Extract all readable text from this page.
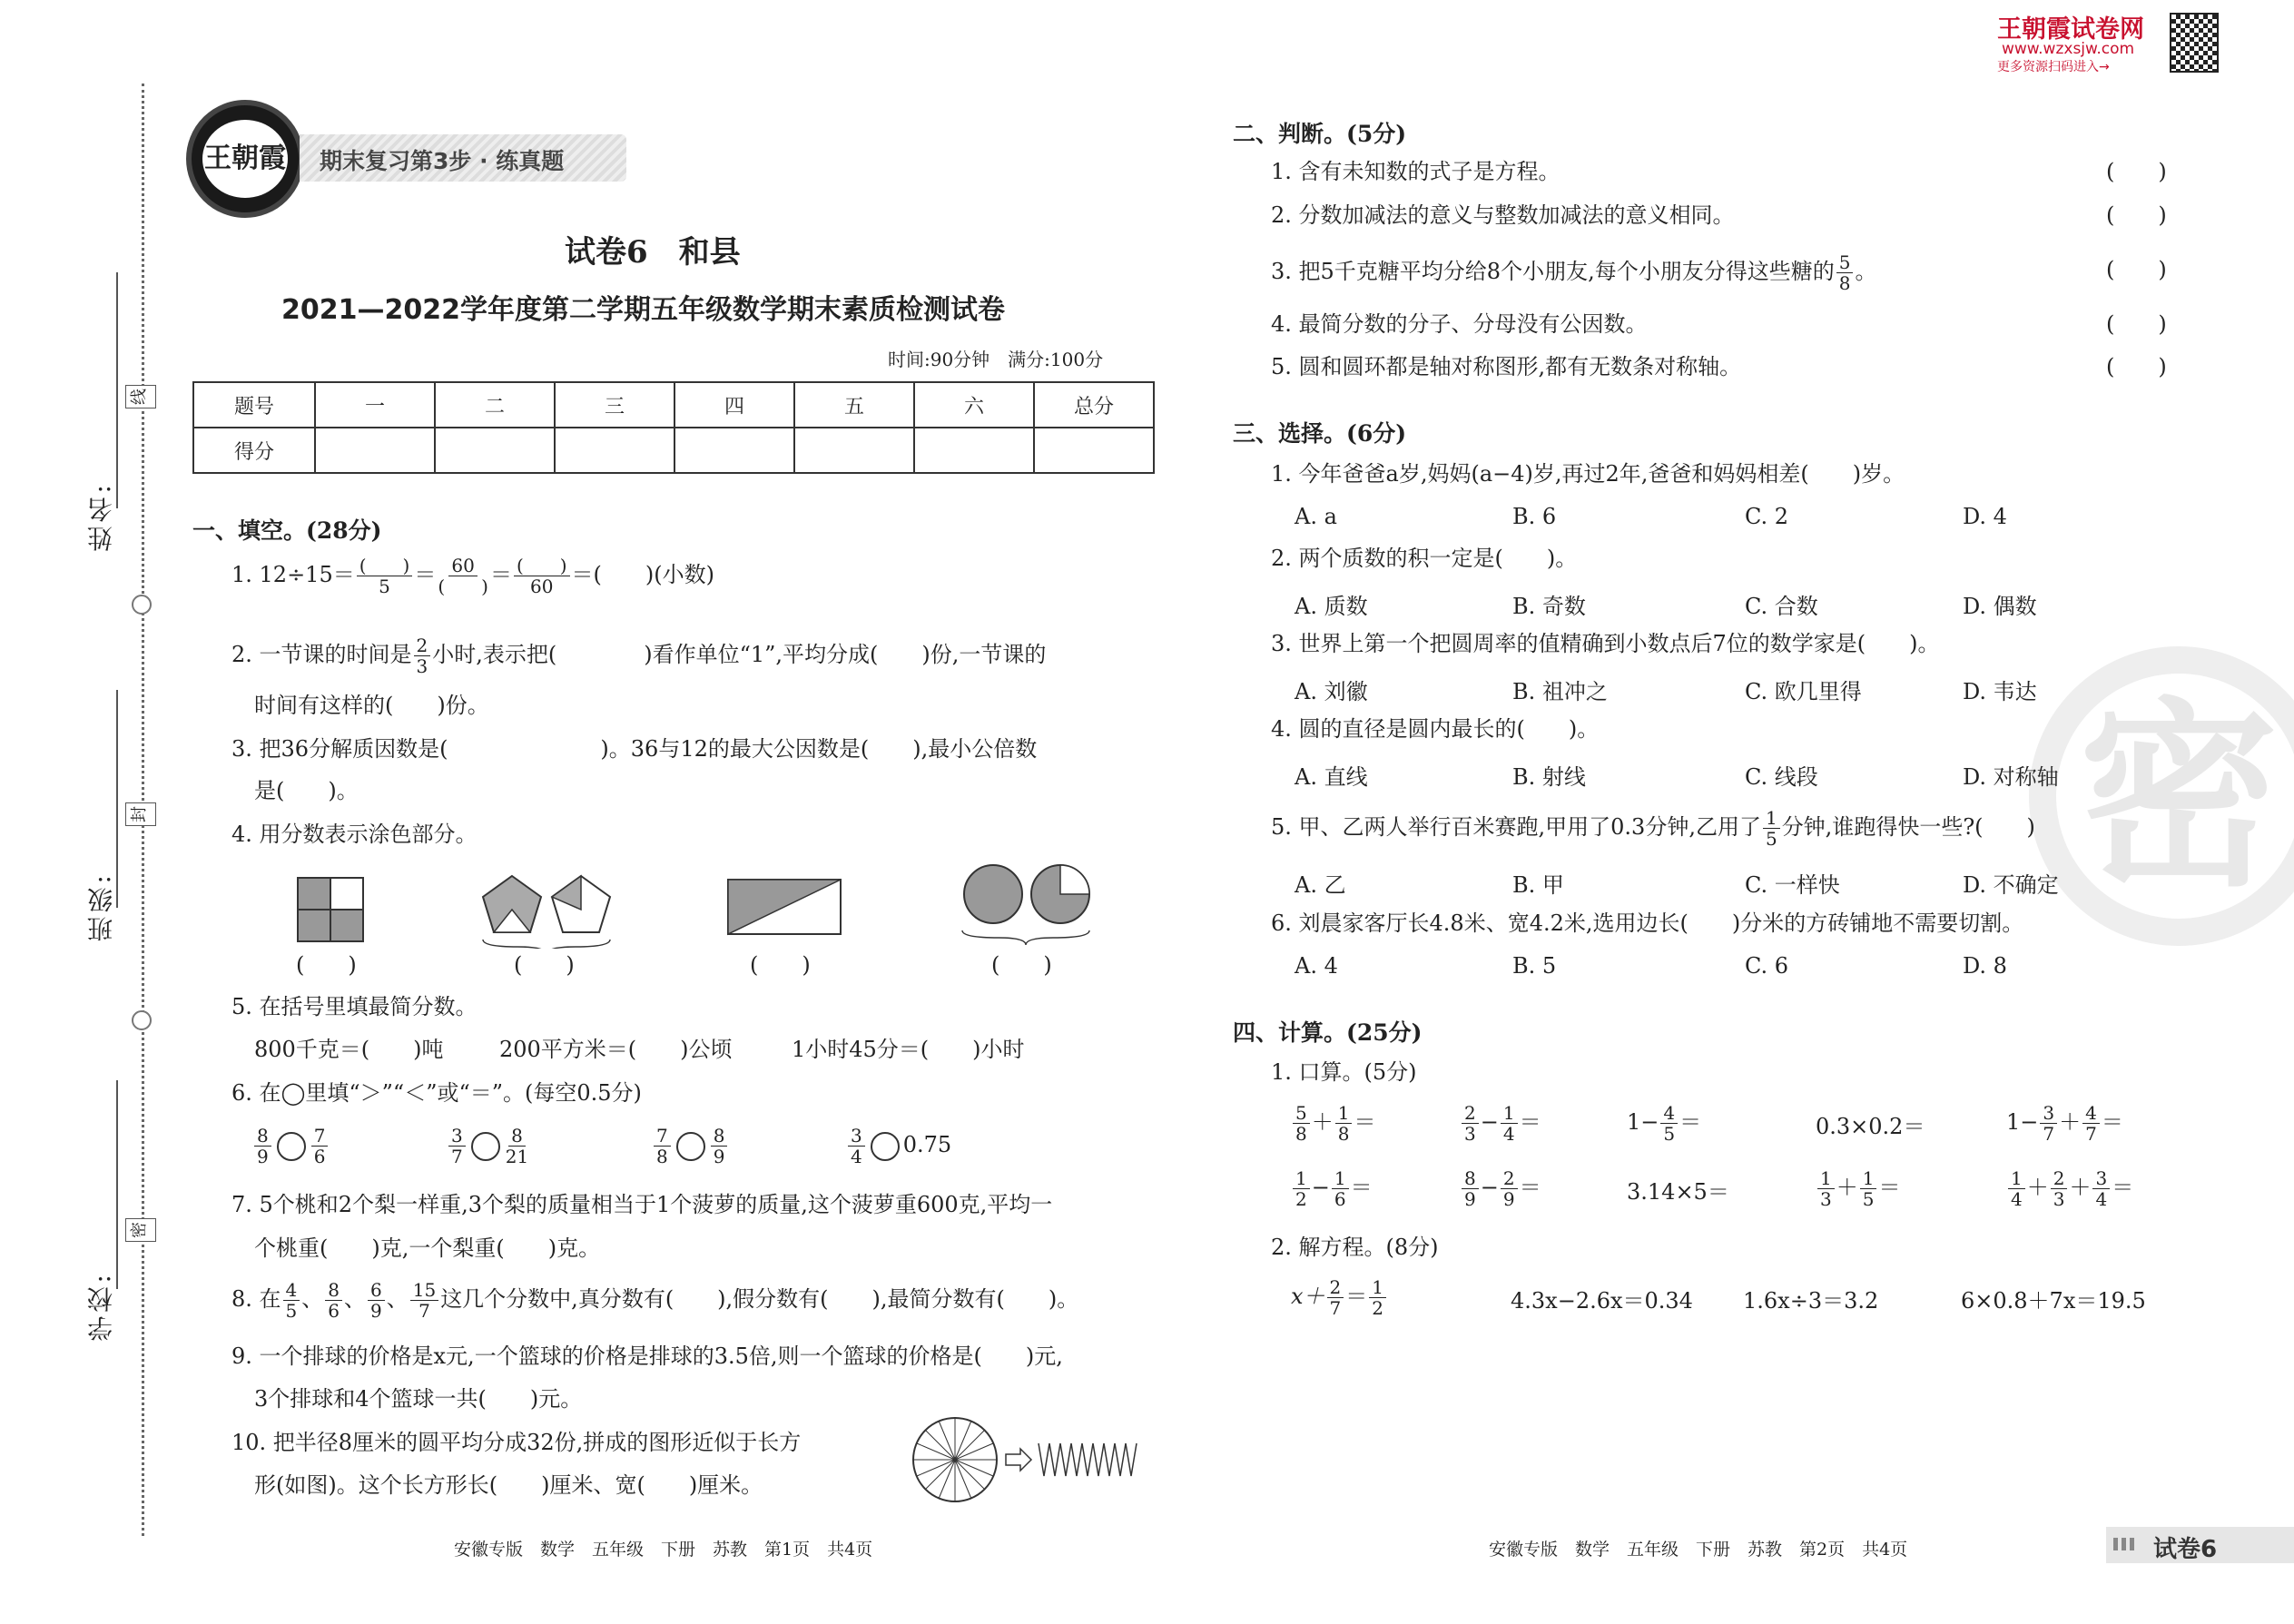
姓名:
班级:
学校:
线
封
密
王朝霞 期末复习第3步 · 练真题
王朝霞试卷网
www.wzxsjw.com
更多资源扫码进入→
试卷6　和县
2021—2022学年度第二学期五年级数学期末素质检测试卷
时间:90分钟　满分:100分
题号	一	二	三	四	五	六	总分
得分							
一、填空。(28分)
1. 12÷15＝ (　　)
5 ＝ 60
(　　) ＝ (　　)
60 ＝(　　)(小数)
2. 一节课的时间是 $\frac{2}{3}$ 小时,表示把(　　　　)看作单位“1”,平均分成(　　)份,一节课的
时间有这样的(　　)份。
3. 把36分解质因数是(　　　　　　　)。36与12的最大公因数是(　　),最小公倍数
是(　　)。
4. 用分数表示涂色部分。
(　　)	(　　)	(　　)	(　　)
5. 在括号里填最简分数。
800千克＝(　　)吨	200平方米＝(　　)公顷	1小时45分＝(　　)小时
6. 在◯里填“＞”“＜”或“＝”。(每空0.5分)
$\frac{8}{9} \frac{7}{6}$	$\frac{3}{7} \frac{8}{21}$	$\frac{7}{8} \frac{8}{9}$	$\frac{3}{4} 0.75$
7. 5个桃和2个梨一样重,3个梨的质量相当于1个菠萝的质量,这个菠萝重600克,平均一
个桃重(　　)克,一个梨重(　　)克。
8. 在 $\frac{4}{5}$ 、 $\frac{8}{6}$ 、 $\frac{6}{9}$ 、 $\frac{15}{7}$ 这几个分数中,真分数有(　　),假分数有(　　),最简分数有(　　)。
9. 一个排球的价格是x元,一个篮球的价格是排球的3.5倍,则一个篮球的价格是(　　)元,
3个排球和4个篮球一共(　　)元。
10. 把半径8厘米的圆平均分成32份,拼成的图形近似于长方
形(如图)。这个长方形长(　　)厘米、宽(　　)厘米。
二、判断。(5分)
1. 含有未知数的式子是方程。
2. 分数加减法的意义与整数加减法的意义相同。
3. 把5千克糖平均分给8个小朋友,每个小朋友分得这些糖的 $\frac{5}{8}$ 。
4. 最简分数的分子、分母没有公因数。
5. 圆和圆环都是轴对称图形,都有无数条对称轴。
(　　)
(　　)
(　　)
(　　)
(　　)
密
三、选择。(6分)
1. 今年爸爸a岁,妈妈(a−4)岁,再过2年,爸爸和妈妈相差(　　)岁。
A. a	B. 6	C. 2	D. 4
2. 两个质数的积一定是(　　)。
A. 质数	B. 奇数	C. 合数	D. 偶数
3. 世界上第一个把圆周率的值精确到小数点后7位的数学家是(　　)。
A. 刘徽	B. 祖冲之	C. 欧几里得	D. 韦达
4. 圆的直径是圆内最长的(　　)。
A. 直线	B. 射线	C. 线段	D. 对称轴
5. 甲、乙两人举行百米赛跑,甲用了0.3分钟,乙用了 $\frac{1}{5}$ 分钟,谁跑得快一些?(　　)
A. 乙	B. 甲	C. 一样快	D. 不确定
6. 刘晨家客厅长4.8米、宽4.2米,选用边长(　　)分米的方砖铺地不需要切割。
A. 4	B. 5	C. 6	D. 8
四、计算。(25分)
1. 口算。(5分)
$\frac{5}{8} + \frac{1}{8}$ ＝	$\frac{2}{3} - \frac{1}{4}$ ＝	$1- \frac{4}{5}$ ＝	0.3×0.2＝	$1- \frac{3}{7} + \frac{4}{7}$ ＝
$\frac{1}{2} - \frac{1}{6}$ ＝	$\frac{8}{9} - \frac{2}{9}$ ＝	3.14×5＝	$\frac{1}{3} + \frac{1}{5}$ ＝	$\frac{1}{4} + \frac{2}{3} + \frac{3}{4}$ ＝
2. 解方程。(8分)
$x+ \frac{2}{7} = \frac{1}{2}$	4.3x−2.6x＝0.34 1.6x÷3＝3.2	6×0.8＋7x＝19.5
安徽专版　数学　五年级　下册　苏教　第1页　共4页	安徽专版　数学　五年级　下册　苏教　第2页　共4页	试卷6
